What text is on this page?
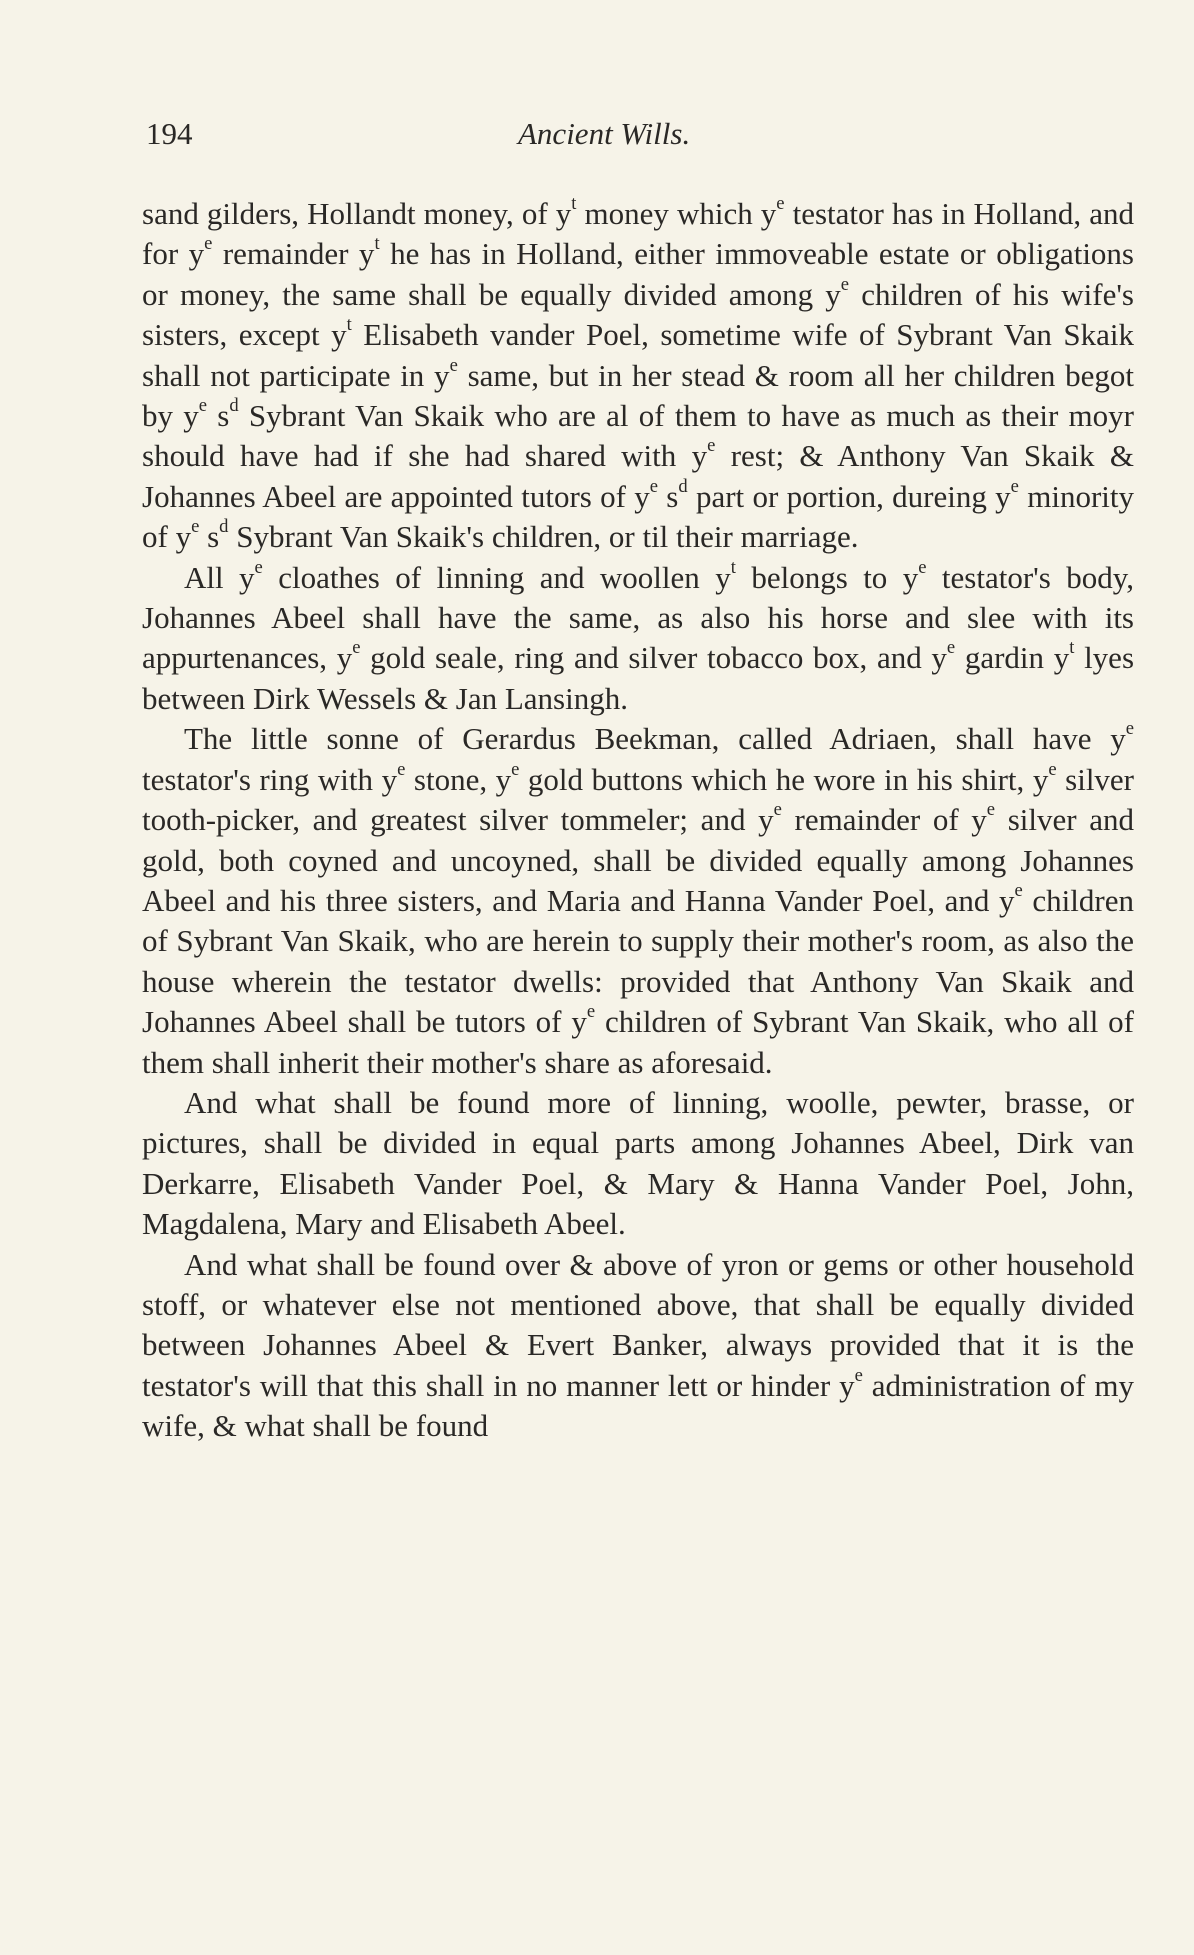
194	Ancient Wills.

sand gilders, Hollandt money, of $y^t$ money which $y^e$ testator has in Holland, and for $y^e$ remainder $y^t$ he has in Holland, either immoveable estate or obligations or money, the same shall be equally divided among $y^e$ children of his wife's sisters, except $y^t$ Elisabeth vander Poel, sometime wife of Sybrant Van Skaik shall not participate in $y^e$ same, but in her stead & room all her children begot by $y^e$ $s^d$ Sybrant Van Skaik who are al of them to have as much as their moyr should have had if she had shared with $y^e$ rest; & Anthony Van Skaik & Johannes Abeel are appointed tutors of $y^e$ $s^d$ part or portion, dureing $y^e$ minority of $y^e$ $s^d$ Sybrant Van Skaik's children, or til their marriage.

All $y^e$ cloathes of linning and woollen $y^t$ belongs to $y^e$ testator's body, Johannes Abeel shall have the same, as also his horse and slee with its appurtenances, $y^e$ gold seale, ring and silver tobacco box, and $y^e$ gardin $y^t$ lyes between Dirk Wessels & Jan Lansingh.

The little sonne of Gerardus Beekman, called Adriaen, shall have $y^e$ testator's ring with $y^e$ stone, $y^e$ gold buttons which he wore in his shirt, $y^e$ silver tooth-picker, and greatest silver tommeler; and $y^e$ remainder of $y^e$ silver and gold, both coyned and uncoyned, shall be divided equally among Johannes Abeel and his three sisters, and Maria and Hanna Vander Poel, and $y^e$ children of Sybrant Van Skaik, who are herein to supply their mother's room, as also the house wherein the testator dwells: provided that Anthony Van Skaik and Johannes Abeel shall be tutors of $y^e$ children of Sybrant Van Skaik, who all of them shall inherit their mother's share as aforesaid.

And what shall be found more of linning, woolle, pewter, brasse, or pictures, shall be divided in equal parts among Johannes Abeel, Dirk van Derkarre, Elisabeth Vander Poel, & Mary & Hanna Vander Poel, John, Magdalena, Mary and Elisabeth Abeel.

And what shall be found over & above of yron or gems or other household stoff, or whatever else not mentioned above, that shall be equally divided between Johannes Abeel & Evert Banker, always provided that it is the testator's will that this shall in no manner lett or hinder $y^e$ administration of my wife, & what shall be found
